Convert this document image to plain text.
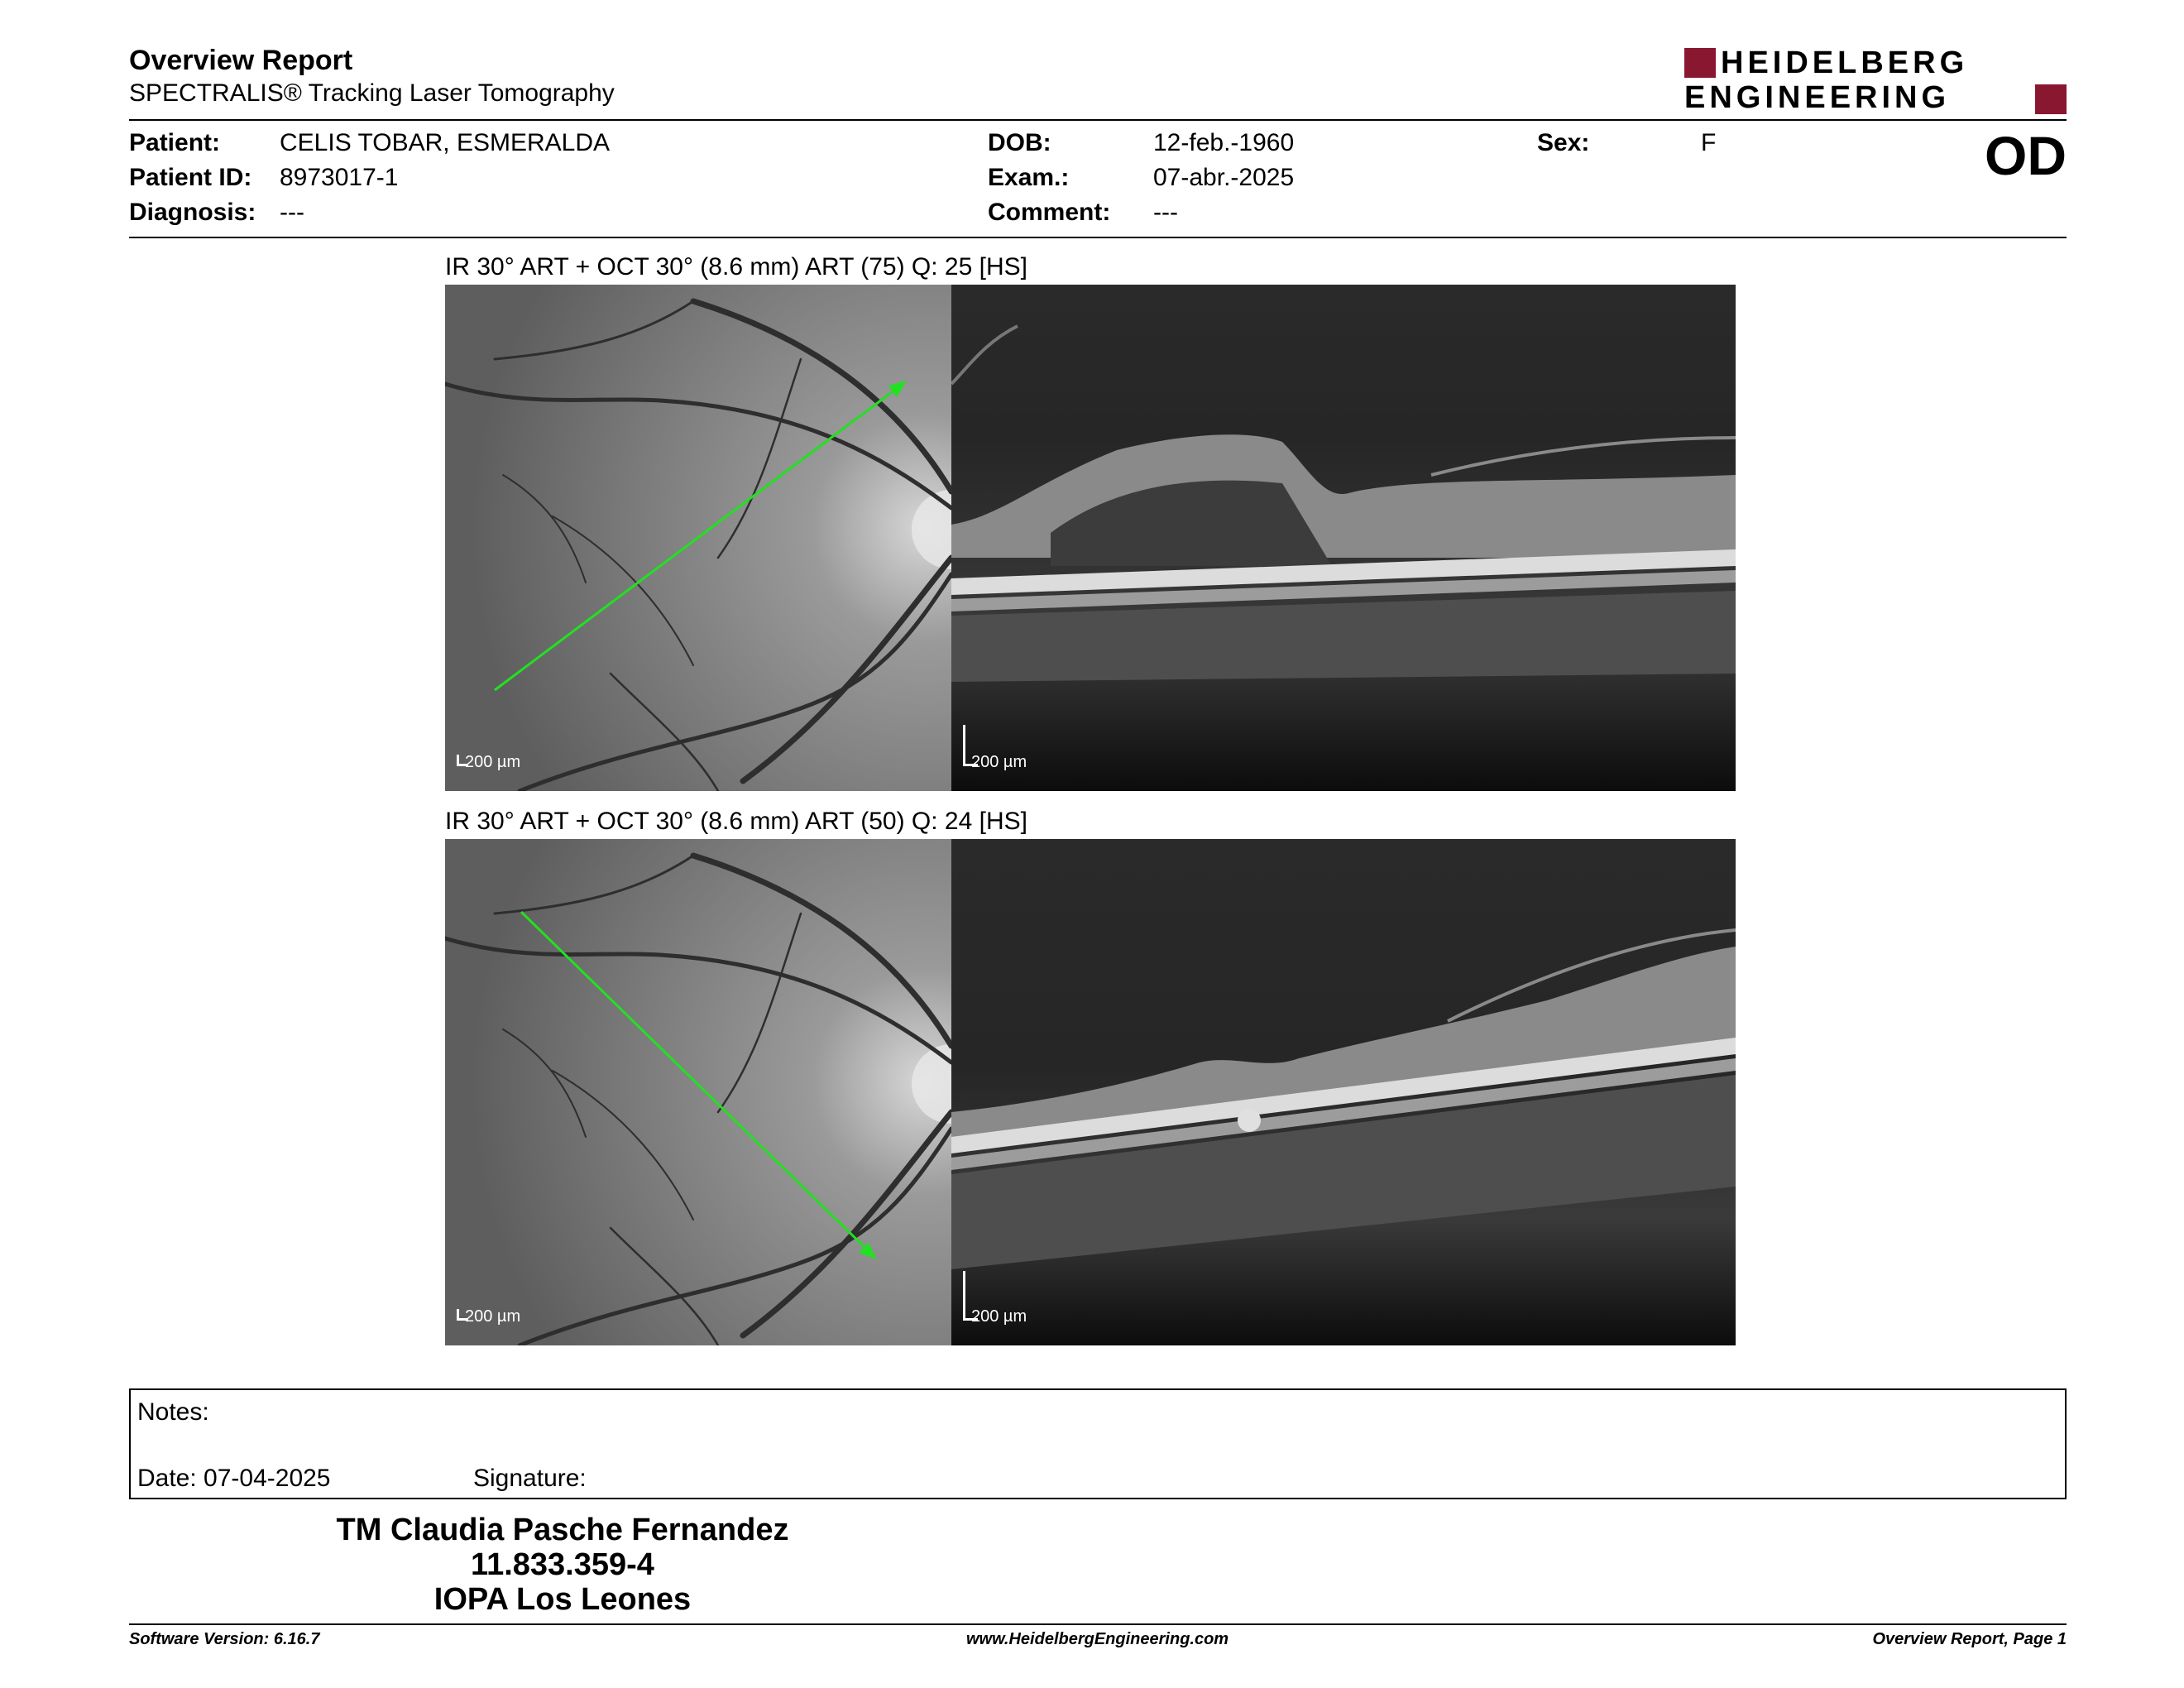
Overview Report
SPECTRALIS® Tracking Laser Tomography
HEIDELBERG
ENGINEERING
Patient: CELIS TOBAR, ESMERALDA
Patient ID: 8973017-1
Diagnosis: ---
DOB:	12-feb.-1960
Exam.:	07-abr.-2025
Comment: ---
Sex:	F	OD
IR 30° ART + OCT 30° (8.6 mm) ART (75) Q: 25 [HS]
200 µm	200 µm
IR 30° ART + OCT 30° (8.6 mm) ART (50) Q: 24 [HS]
200 µm	200 µm
Notes:
Date: 07-04-2025	Signature:
TM Claudia Pasche Fernandez
11.833.359-4
IOPA Los Leones
Software Version: 6.16.7	www.HeidelbergEngineering.com	Overview Report, Page 1
